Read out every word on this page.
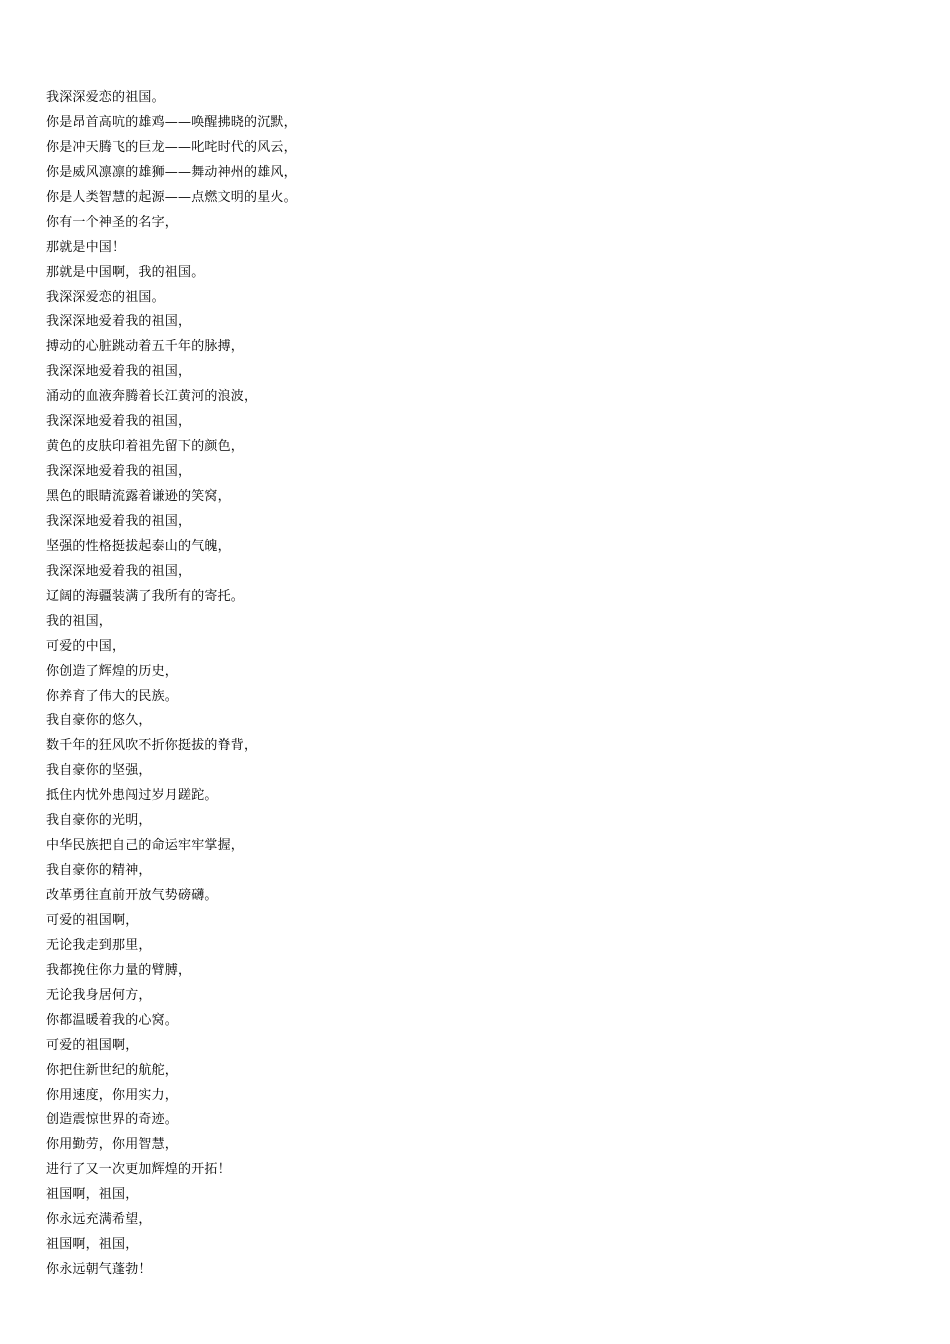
我深深爱恋的祖国。
你是昂首高吭的雄鸡——唤醒拂晓的沉默，
你是冲天腾飞的巨龙——叱咤时代的风云，
你是威风凛凛的雄狮——舞动神州的雄风，
你是人类智慧的起源——点燃文明的星火。
你有一个神圣的名字，
那就是中国！
那就是中国啊，我的祖国。
我深深爱恋的祖国。
我深深地爱着我的祖国，
搏动的心脏跳动着五千年的脉搏，
我深深地爱着我的祖国，
涌动的血液奔腾着长江黄河的浪波，
我深深地爱着我的祖国，
黄色的皮肤印着祖先留下的颜色，
我深深地爱着我的祖国，
黑色的眼睛流露着谦逊的笑窝，
我深深地爱着我的祖国，
坚强的性格挺拔起泰山的气魄，
我深深地爱着我的祖国，
辽阔的海疆装满了我所有的寄托。
我的祖国，
可爱的中国，
你创造了辉煌的历史，
你养育了伟大的民族。
我自豪你的悠久，
数千年的狂风吹不折你挺拔的脊背，
我自豪你的坚强，
抵住内忧外患闯过岁月蹉跎。
我自豪你的光明，
中华民族把自己的命运牢牢掌握，
我自豪你的精神，
改革勇往直前开放气势磅礴。
可爱的祖国啊，
无论我走到那里，
我都挽住你力量的臂膊，
无论我身居何方，
你都温暖着我的心窝。
可爱的祖国啊，
你把住新世纪的航舵，
你用速度，你用实力，
创造震惊世界的奇迹。
你用勤劳，你用智慧，
进行了又一次更加辉煌的开拓！
祖国啊，祖国，
你永远充满希望，
祖国啊，祖国，
你永远朝气蓬勃！
